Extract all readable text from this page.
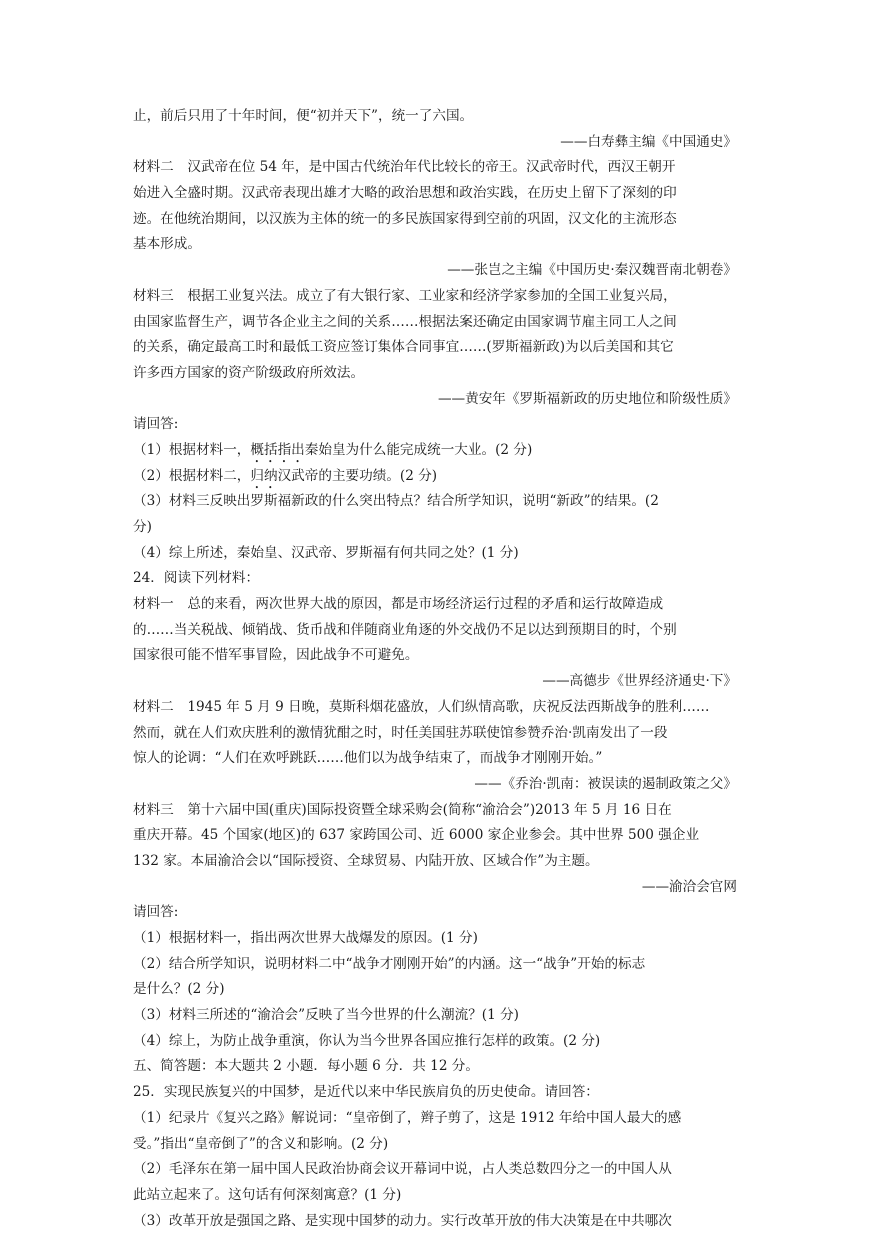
止，前后只用了十年时间，便“初并天下”，统一了六国。
——白寿彝主编《中国通史》
材料二　汉武帝在位 54 年，是中国古代统治年代比较长的帝王。汉武帝时代，西汉王朝开
始进入全盛时期。汉武帝表现出雄才大略的政治思想和政治实践，在历史上留下了深刻的印
迹。在他统治期间，以汉族为主体的统一的多民族国家得到空前的巩固，汉文化的主流形态
基本形成。
——张岂之主编《中国历史·秦汉魏晋南北朝卷》
材料三　根据工业复兴法。成立了有大银行家、工业家和经济学家参加的全国工业复兴局，
由国家监督生产，调节各企业主之间的关系……根据法案还确定由国家调节雇主同工人之间
的关系，确定最高工时和最低工资应签订集体合同事宜……(罗斯福新政)为以后美国和其它
许多西方国家的资产阶级政府所效法。
——黄安年《罗斯福新政的历史地位和阶级性质》
请回答:
（1）根据材料一，概括指出秦始皇为什么能完成统一大业。(2 分)
（2）根据材料二，归纳汉武帝的主要功绩。(2 分)
（3）材料三反映出罗斯福新政的什么突出特点？结合所学知识，说明“新政”的结果。(2
分)
（4）综上所述，秦始皇、汉武帝、罗斯福有何共同之处？(1 分)
24．阅读下列材料：
材料一　总的来看，两次世界大战的原因，都是市场经济运行过程的矛盾和运行故障造成
的……当关税战、倾销战、货币战和伴随商业角逐的外交战仍不足以达到预期目的时，个别
国家很可能不惜军事冒险，因此战争不可避免。
——高德步《世界经济通史·下》
材料二　1945 年 5 月 9 日晚，莫斯科烟花盛放，人们纵情高歌，庆祝反法西斯战争的胜利……
然而，就在人们欢庆胜利的激情犹酣之时，时任美国驻苏联使馆参赞乔治·凯南发出了一段
惊人的论调：“人们在欢呼跳跃……他们以为战争结束了，而战争才刚刚开始。”
——《乔治·凯南：被误读的遏制政策之父》
材料三　第十六届中国(重庆)国际投资暨全球采购会(简称“渝洽会”)2013 年 5 月 16 日在
重庆开幕。45 个国家(地区)的 637 家跨国公司、近 6000 家企业参会。其中世界 500 强企业
132 家。本届渝洽会以“国际授资、全球贸易、内陆开放、区域合作”为主题。
——渝洽会官网
请回答:
（1）根据材料一，指出两次世界大战爆发的原因。(1 分)
（2）结合所学知识，说明材料二中“战争才刚刚开始”的内涵。这一“战争”开始的标志
是什么？(2 分)
（3）材料三所述的“渝洽会”反映了当今世界的什么潮流？(1 分)
（4）综上，为防止战争重演，你认为当今世界各国应推行怎样的政策。(2 分)
五、简答题：本大题共 2 小题．每小题 6 分．共 12 分。
25．实现民族复兴的中国梦，是近代以来中华民族肩负的历史使命。请回答：
（1）纪录片《复兴之路》解说词：“皇帝倒了，辫子剪了，这是 1912 年给中国人最大的感
受。”指出“皇帝倒了”的含义和影响。(2 分)
（2）毛泽东在第一届中国人民政治协商会议开幕词中说，占人类总数四分之一的中国人从
此站立起来了。这句话有何深刻寓意？(1 分)
（3）改革开放是强国之路、是实现中国梦的动力。实行改革开放的伟大决策是在中共哪次
